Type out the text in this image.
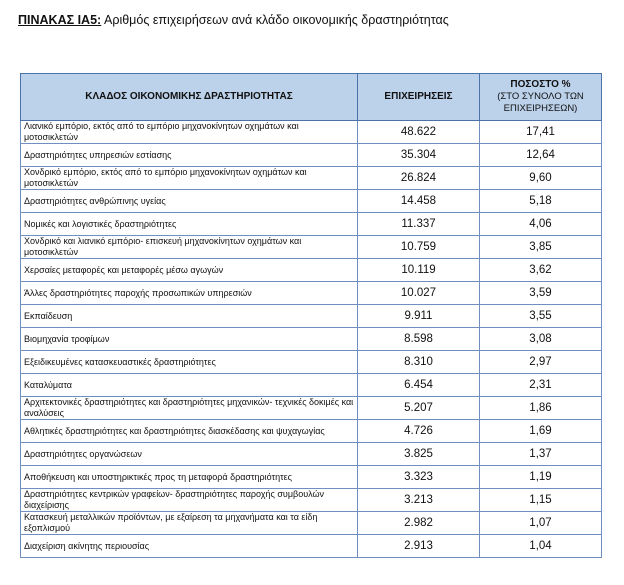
ΠΙΝΑΚΑΣ ΙΑ5: Αριθμός επιχειρήσεων ανά κλάδο οικονομικής δραστηριότητας
ΚΛΑΔΟΣ ΟΙΚΟΝΟΜΙΚΗΣ ΔΡΑΣΤΗΡΙΟΤΗΤΑΣ	ΕΠΙΧΕΙΡΗΣΕΙΣ	ΠΟΣΟΣΤΟ %
(ΣΤΟ ΣΥΝΟΛΟ ΤΩΝ ΕΠΙΧΕΙΡΗΣΕΩΝ)

Λιανικό εμπόριο, εκτός από το εμπόριο μηχανοκίνητων οχημάτων και μοτοσικλετών	48.622	17,41

Δραστηριότητες υπηρεσιών εστίασης	35.304	12,64

Χονδρικό εμπόριο, εκτός από το εμπόριο μηχανοκίνητων οχημάτων και μοτοσικλετών	26.824	9,60

Δραστηριότητες ανθρώπινης υγείας	14.458	5,18

Νομικές και λογιστικές δραστηριότητες	11.337	4,06

Χονδρικό και λιανικό εμπόριο- επισκευή μηχανοκίνητων οχημάτων και μοτοσικλετών	10.759	3,85

Χερσαίες μεταφορές και μεταφορές μέσω αγωγών	10.119	3,62

Άλλες δραστηριότητες παροχής προσωπικών υπηρεσιών	10.027	3,59

Εκπαίδευση	9.911	3,55

Βιομηχανία τροφίμων	8.598	3,08

Εξειδικευμένες κατασκευαστικές δραστηριότητες	8.310	2,97

Καταλύματα	6.454	2,31

Αρχιτεκτονικές δραστηριότητες και δραστηριότητες μηχανικών- τεχνικές δοκιμές και αναλύσεις	5.207	1,86

Αθλητικές δραστηριότητες και δραστηριότητες διασκέδασης και ψυχαγωγίας	4.726	1,69

Δραστηριότητες οργανώσεων	3.825	1,37

Αποθήκευση και υποστηρικτικές προς τη μεταφορά δραστηριότητες	3.323	1,19

Δραστηριότητες κεντρικών γραφείων- δραστηριότητες παροχής συμβουλών διαχείρισης	3.213	1,15

Κατασκευή μεταλλικών προϊόντων, με εξαίρεση τα μηχανήματα και τα είδη εξοπλισμού	2.982	1,07

Διαχείριση ακίνητης περιουσίας	2.913	1,04
